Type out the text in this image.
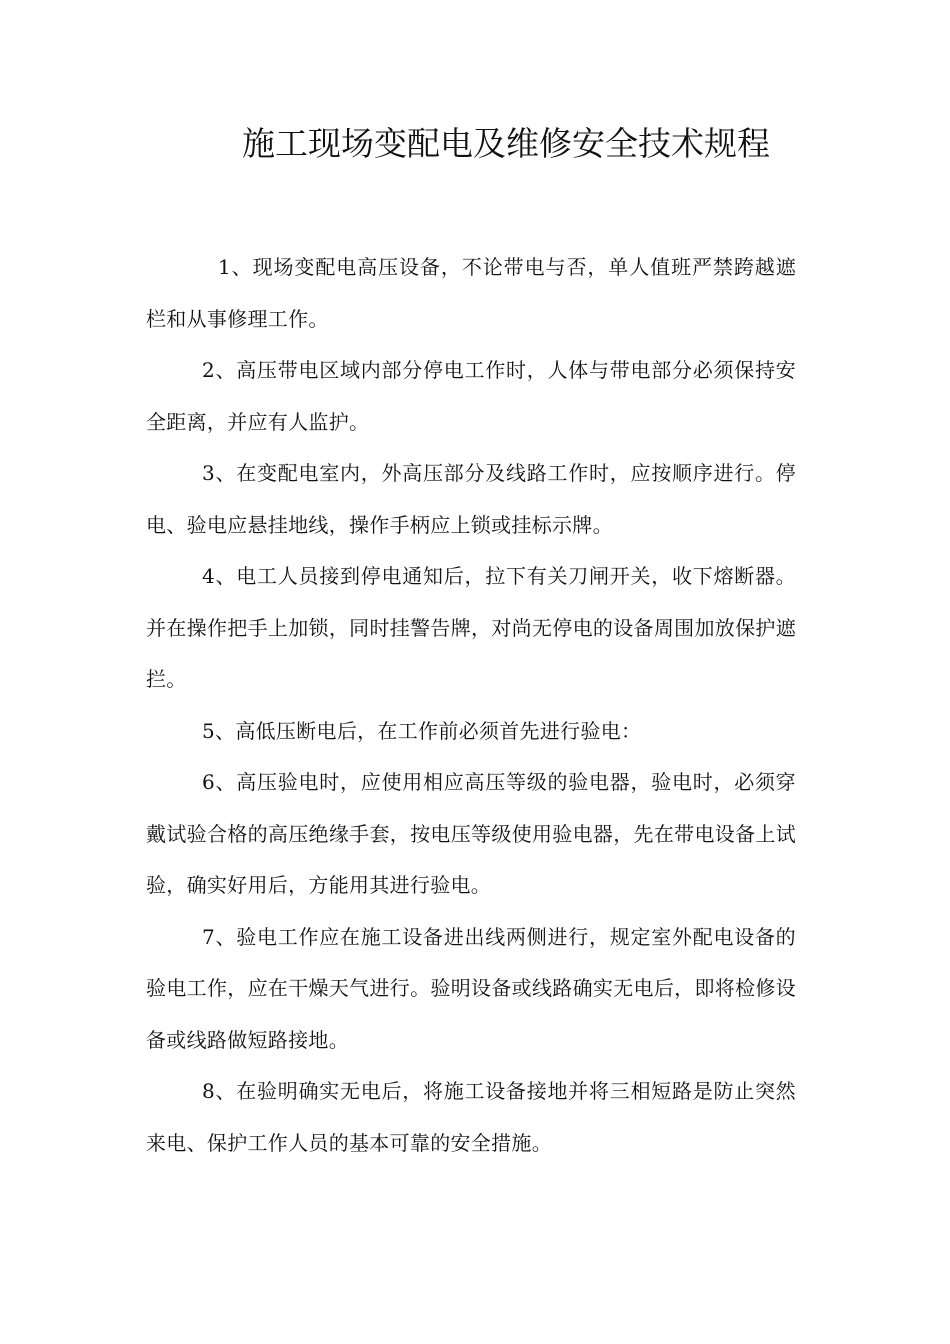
施工现场变配电及维修安全技术规程

1、现场变配电高压设备，不论带电与否，单人值班严禁跨越遮栏和从事修理工作。

2、高压带电区域内部分停电工作时，人体与带电部分必须保持安全距离，并应有人监护。

3、在变配电室内，外高压部分及线路工作时，应按顺序进行。停电、验电应悬挂地线，操作手柄应上锁或挂标示牌。

4、电工人员接到停电通知后，拉下有关刀闸开关，收下熔断器。并在操作把手上加锁，同时挂警告牌，对尚无停电的设备周围加放保护遮拦。

5、高低压断电后，在工作前必须首先进行验电：

6、高压验电时，应使用相应高压等级的验电器，验电时，必须穿戴试验合格的高压绝缘手套，按电压等级使用验电器，先在带电设备上试验，确实好用后，方能用其进行验电。

7、验电工作应在施工设备进出线两侧进行，规定室外配电设备的验电工作，应在干燥天气进行。验明设备或线路确实无电后，即将检修设备或线路做短路接地。

8、在验明确实无电后，将施工设备接地并将三相短路是防止突然来电、保护工作人员的基本可靠的安全措施。
